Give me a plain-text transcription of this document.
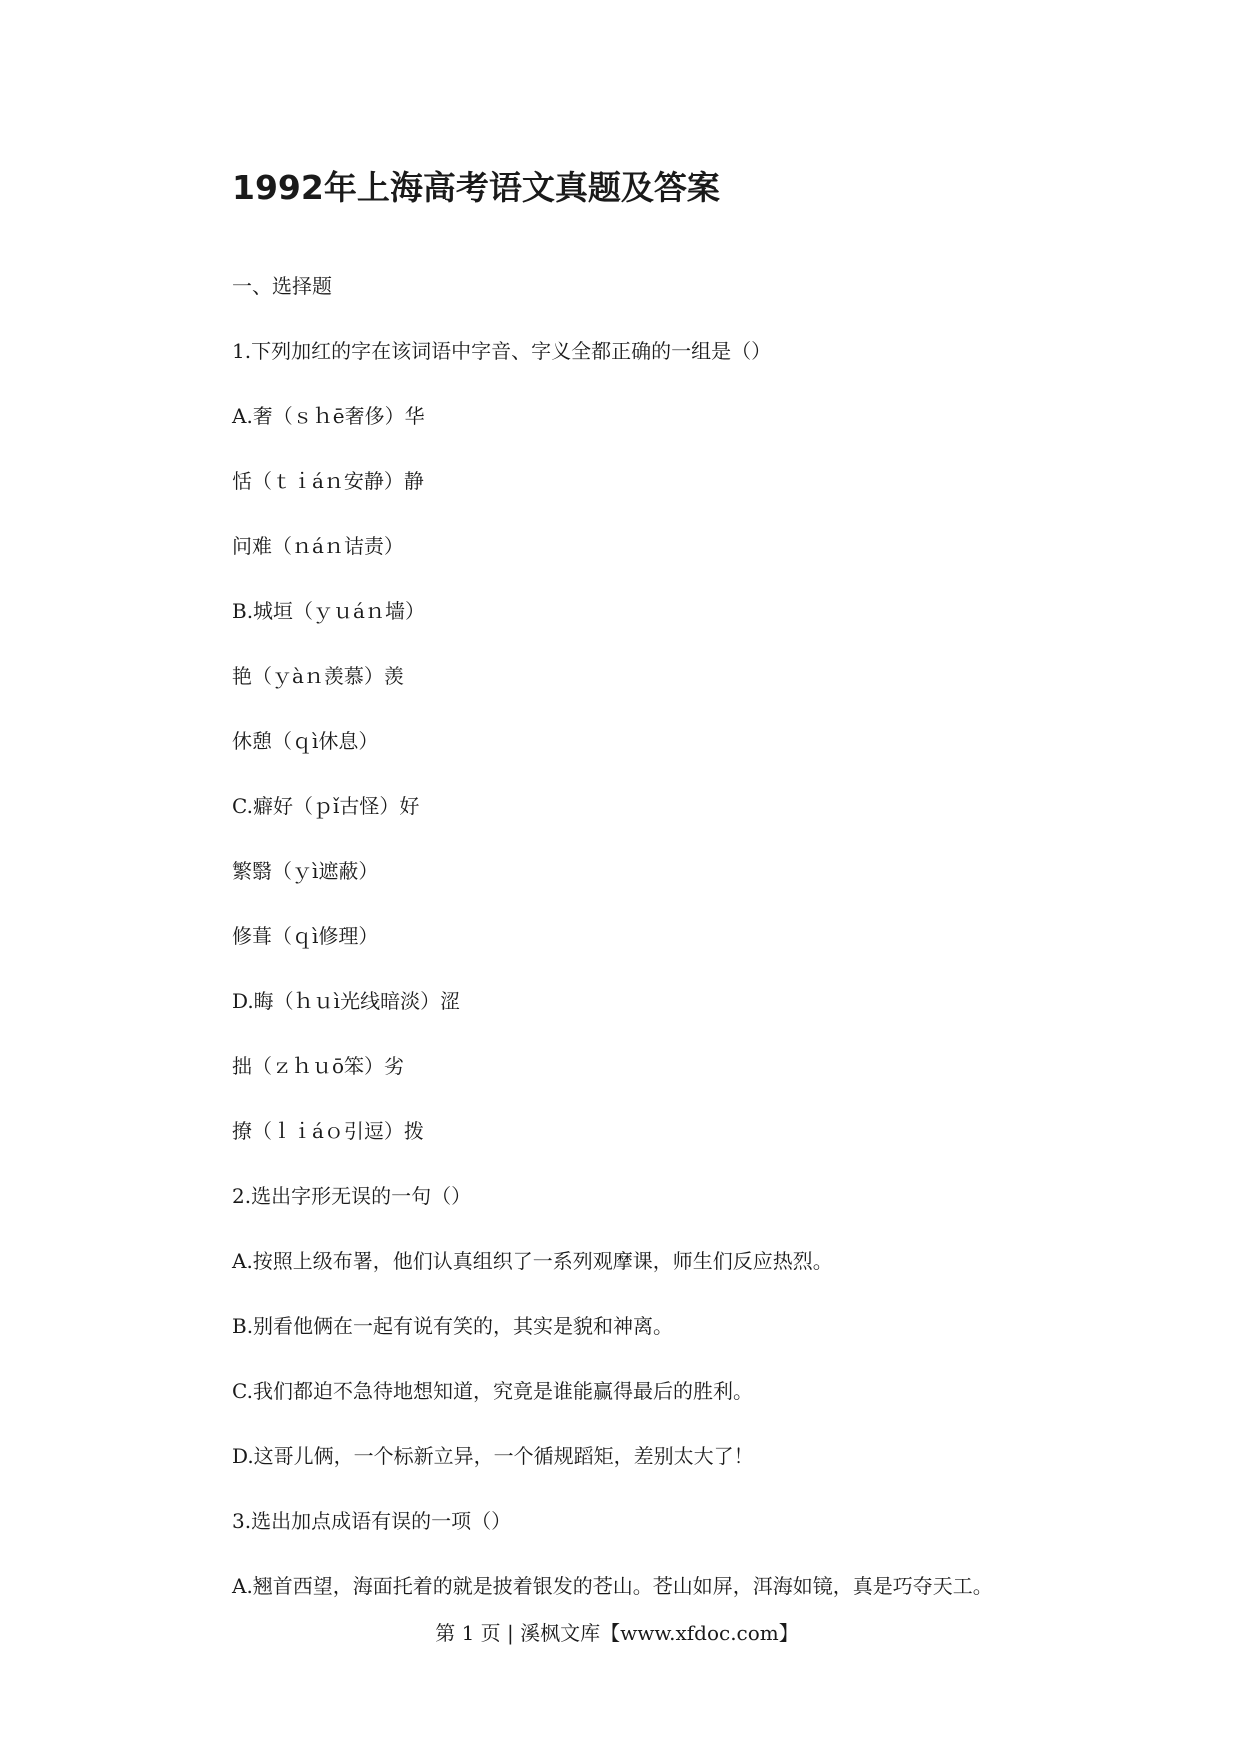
1992年上海高考语文真题及答案
一、选择题
1.下列加红的字在该词语中字音、字义全都正确的一组是（）
A.奢（ｓｈē奢侈）华
恬（ｔｉáｎ安静）静
问难（ｎáｎ诘责）
B.城垣（ｙｕáｎ墙）
艳（ｙàｎ羡慕）羡
休憩（ｑì休息）
C.癖好（ｐǐ古怪）好
繁翳（ｙì遮蔽）
修葺（ｑì修理）
D.晦（ｈｕì光线暗淡）涩
拙（ｚｈｕō笨）劣
撩（ｌｉáｏ引逗）拨
2.选出字形无误的一句（）
A.按照上级布署，他们认真组织了一系列观摩课，师生们反应热烈。
B.别看他俩在一起有说有笑的，其实是貌和神离。
C.我们都迫不急待地想知道，究竟是谁能赢得最后的胜利。
D.这哥儿俩，一个标新立异，一个循规蹈矩，差别太大了！
3.选出加点成语有误的一项（）
A.翘首西望，海面托着的就是披着银发的苍山。苍山如屏，洱海如镜，真是巧夺天工。
第 1 页 | 溪枫文库【www.xfdoc.com】
